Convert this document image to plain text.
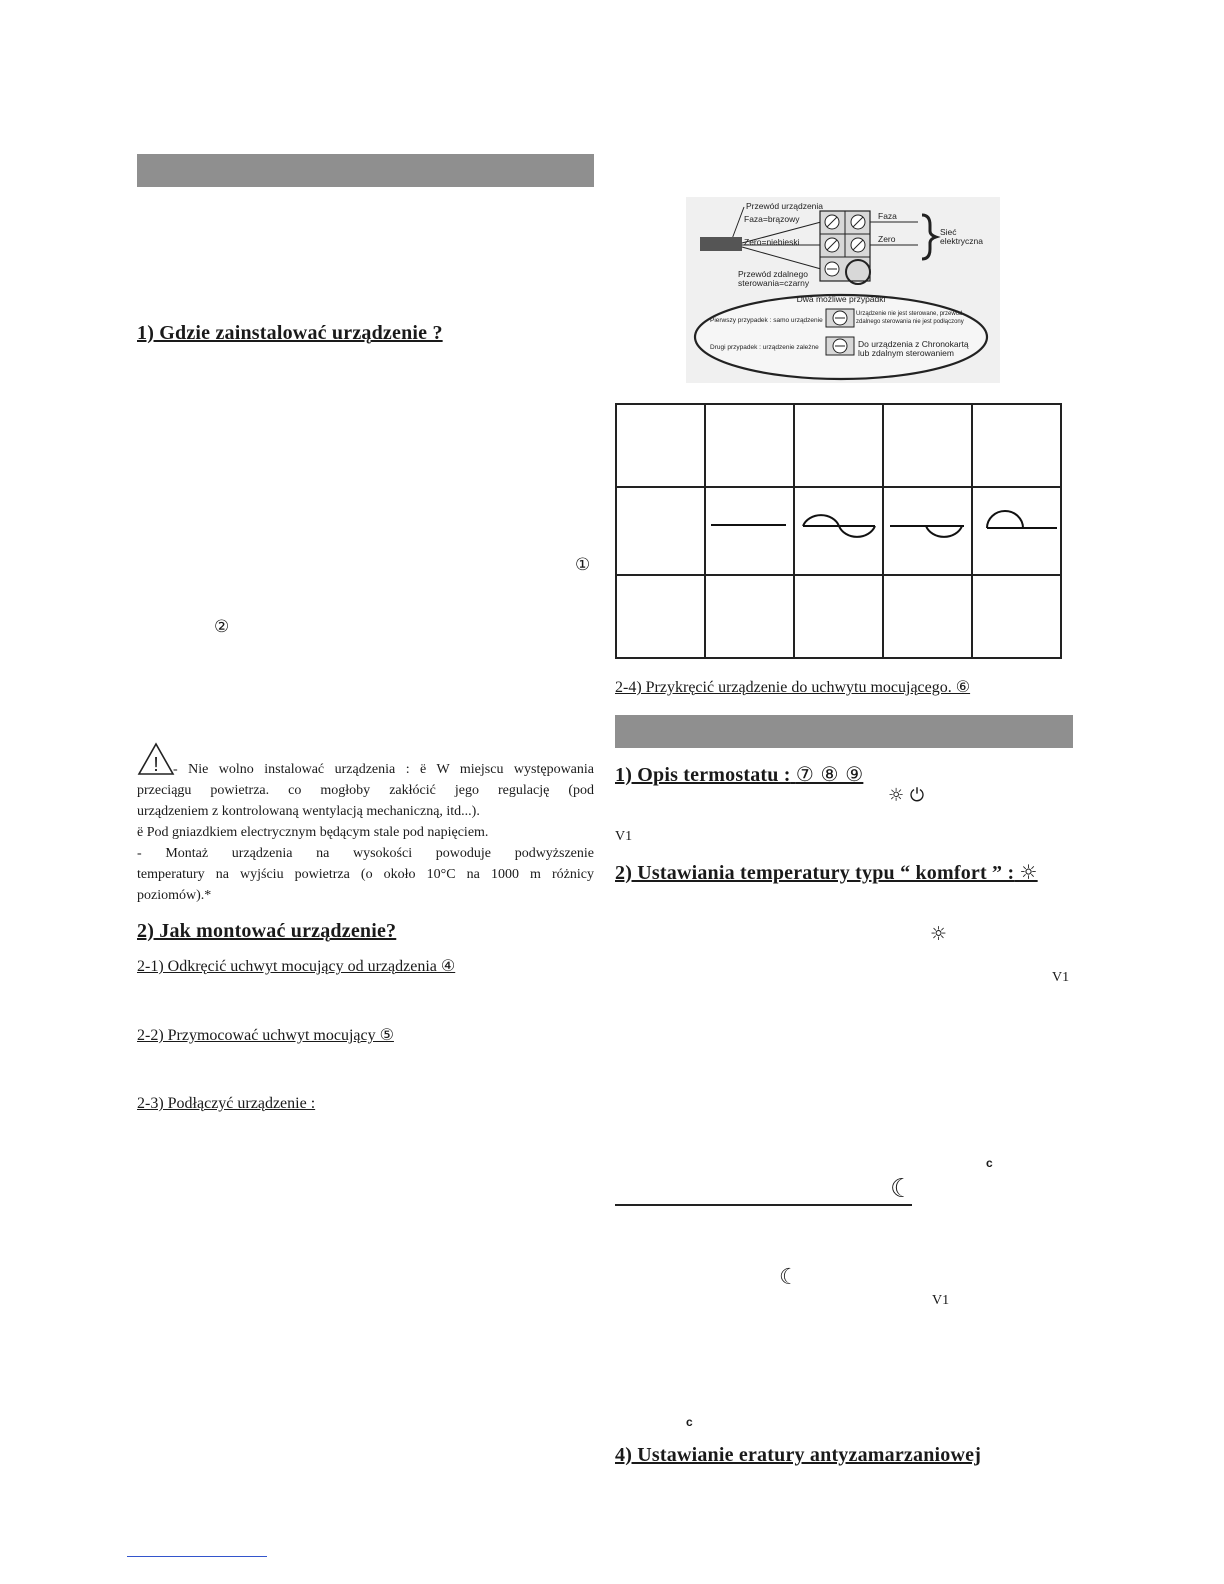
1) Gdzie zainstalować urządzenie ?
①
②
!	- Nie wolno instalować urządzenia : ë W miejscu występowania
przeciągu powietrza. co mogłoby zakłócić jego regulację (pod
urządzeniem z kontrolowaną wentylacją mechaniczną, itd...).
ë Pod gniazdkiem electrycznym będącym stale pod napięciem.
- Montaż urządzenia na wysokości powoduje podwyższenie
temperatury na wyjściu powietrza (o około 10°C na 1000 m różnicy
poziomów).*
2) Jak montować urządzenie?
2-1) Odkręcić uchwyt mocujący od urządzenia ④
2-2) Przymocować uchwyt mocujący ⑤
2-3) Podłączyć urządzenie :
Przewód urządzenia
Faza=brązowy
Zero=niebieski
Faza
Zero
Sieć
elektryczna
Przewód zdalnego
sterowania=czarny
Dwa możliwe przypadki
Pierwszy przypadek : samo urządzenie
Urządzenie nie jest sterowane, przewód
zdalnego sterowania nie jest podłączony
Drugi przypadek : urządzenie zależne	Do urządzenia z Chronokartą
lub zdalnym sterowaniem

2-4) Przykręcić urządzenie do uchwytu mocującego. ⑥
1) Opis termostatu : ⑦ ⑧ ⑨
☼ ⏻
V1
2) Ustawiania temperatury typu “ komfort ” : ☼
☼
V1
c
☾
☾
V1
c
4) Ustawianie eratury antyzamarzaniowej
